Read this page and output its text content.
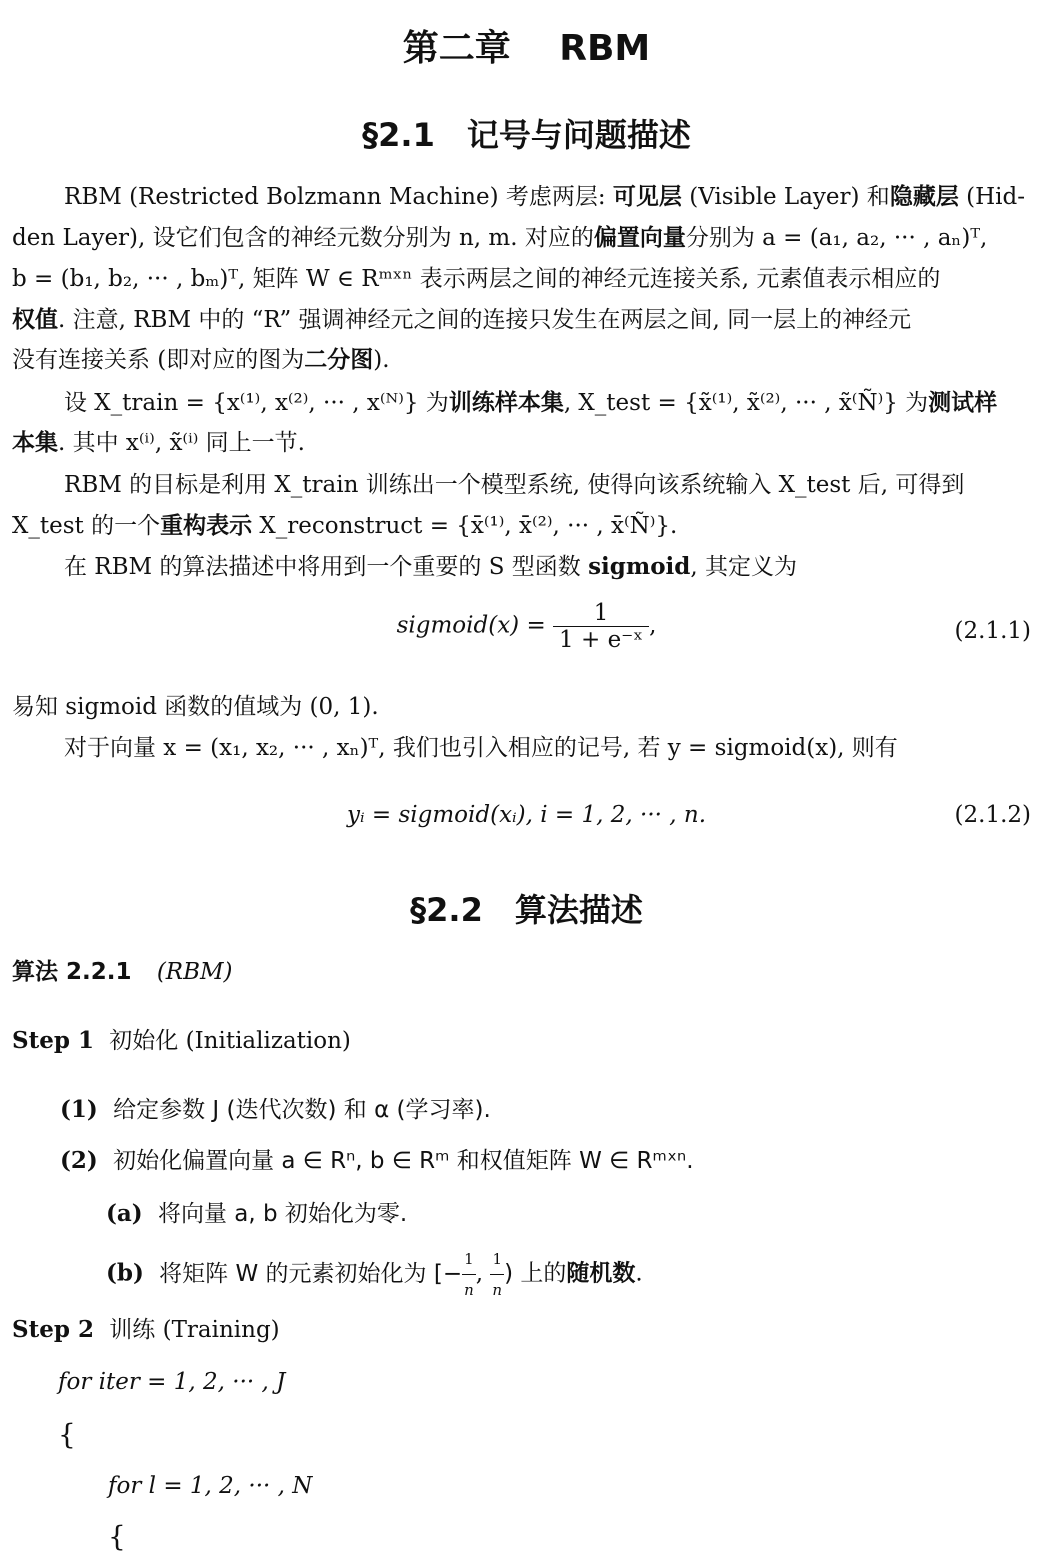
第二章　 RBM
§2.1　记号与问题描述
RBM (Restricted Bolzmann Machine) 考虑两层: 可见层 (Visible Layer) 和隐藏层 (Hid-
den Layer), 设它们包含的神经元数分别为 n, m. 对应的偏置向量分别为 a = (a₁, a₂, ··· , aₙ)ᵀ,
b = (b₁, b₂, ··· , bₘ)ᵀ, 矩阵 W ∈ Rᵐˣⁿ 表示两层之间的神经元连接关系, 元素值表示相应的
权值. 注意, RBM 中的 “R” 强调神经元之间的连接只发生在两层之间, 同一层上的神经元
没有连接关系 (即对应的图为二分图).
设 X_train = {x⁽¹⁾, x⁽²⁾, ··· , x⁽ᴺ⁾} 为训练样本集, X_test = {x̃⁽¹⁾, x̃⁽²⁾, ··· , x̃⁽Ñ⁾} 为测试样
本集. 其中 x⁽ⁱ⁾, x̃⁽ⁱ⁾ 同上一节.
RBM 的目标是利用 X_train 训练出一个模型系统, 使得向该系统输入 X_test 后, 可得到
X_test 的一个重构表示 X_reconstruct = {x̄⁽¹⁾, x̄⁽²⁾, ··· , x̄⁽Ñ⁾}.
在 RBM 的算法描述中将用到一个重要的 S 型函数 sigmoid, 其定义为
sigmoid(x) = $\frac{1}{\text{1 + e⁻ˣ}}$ ,	(2.1.1)
易知 sigmoid 函数的值域为 (0, 1).
对于向量 x = (x₁, x₂, ··· , xₙ)ᵀ, 我们也引入相应的记号, 若 y = sigmoid(x), 则有
yᵢ = sigmoid(xᵢ), i = 1, 2, ··· , n.	(2.1.2)
§2.2　算法描述
算法 2.2.1 (RBM)
Step 1 初始化 (Initialization)
(1) 给定参数 J (迭代次数) 和 α (学习率).
(2) 初始化偏置向量 a ∈ Rⁿ, b ∈ Rᵐ 和权值矩阵 W ∈ Rᵐˣⁿ.
(a) 将向量 a, b 初始化为零.
(b) 将矩阵 W 的元素初始化为 [− $\frac{1}{n}$ , $\frac{1}{n}$ ) 上的随机数.
Step 2 训练 (Training)
for iter = 1, 2, ··· , J
{
for l = 1, 2, ··· , N
{
